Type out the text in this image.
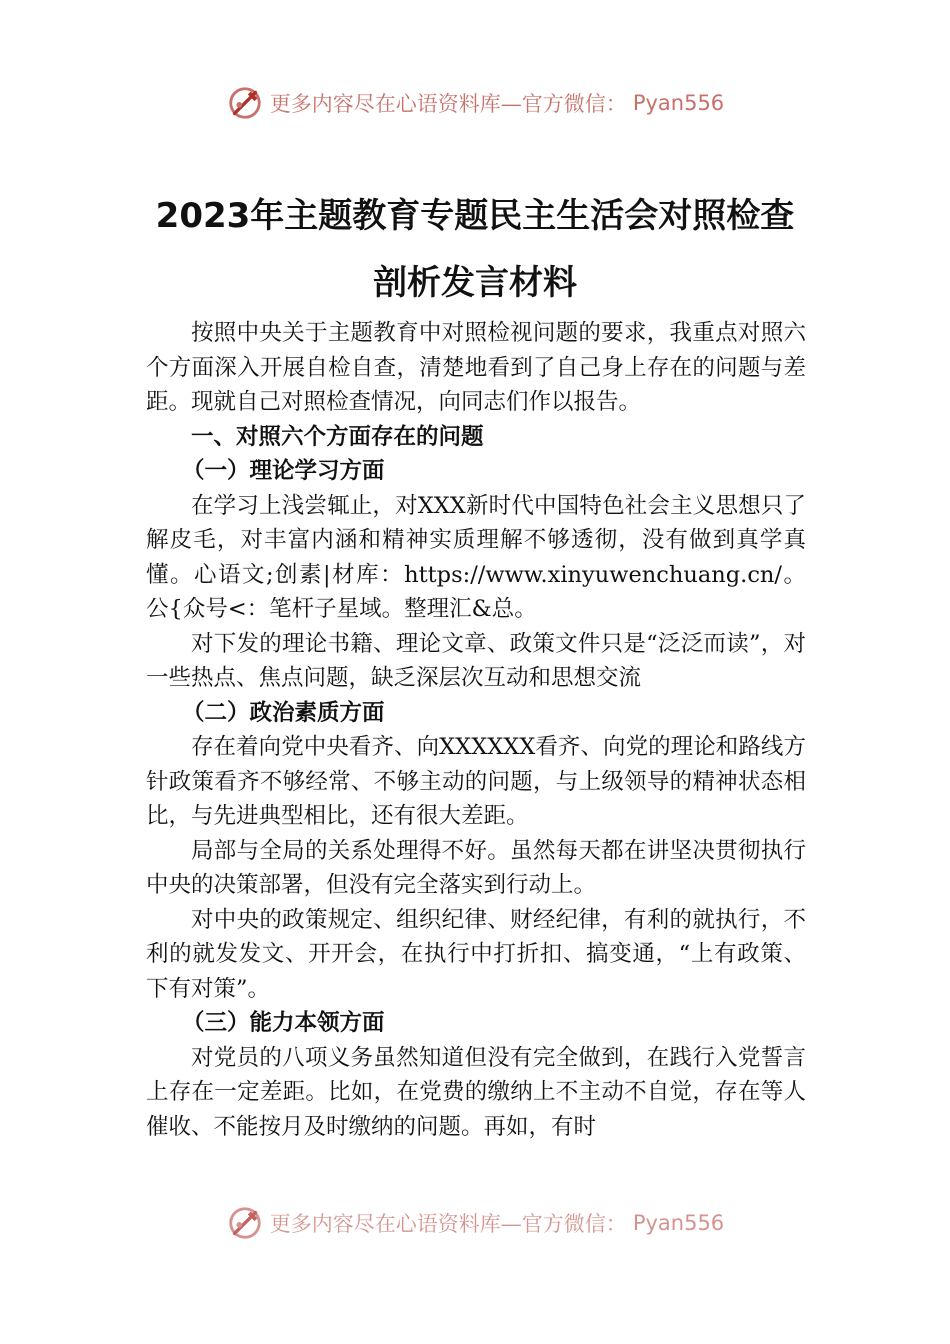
更多内容尽在心语资料库—官方微信： Pyan556
2023年主题教育专题民主生活会对照检查
剖析发言材料

按照中央关于主题教育中对照检视问题的要求，我重点对照六个方面深入开展自检自查，清楚地看到了自己身上存在的问题与差距。现就自己对照检查情况，向同志们作以报告。

一、对照六个方面存在的问题

（一）理论学习方面

在学习上浅尝辄止，对XXX新时代中国特色社会主义思想只了解皮毛，对丰富内涵和精神实质理解不够透彻，没有做到真学真懂。心语文;创素|材库：https://www.xinyuwenchuang.cn/。公{众号<：笔杆子星域。整理汇&总。

对下发的理论书籍、理论文章、政策文件只是“泛泛而读”，对一些热点、焦点问题，缺乏深层次互动和思想交流

（二）政治素质方面

存在着向党中央看齐、向XXXXXX看齐、向党的理论和路线方针政策看齐不够经常、不够主动的问题，与上级领导的精神状态相比，与先进典型相比，还有很大差距。

局部与全局的关系处理得不好。虽然每天都在讲坚决贯彻执行中央的决策部署，但没有完全落实到行动上。

对中央的政策规定、组织纪律、财经纪律，有利的就执行，不利的就发发文、开开会，在执行中打折扣、搞变通，“上有政策、下有对策”。

（三）能力本领方面

对党员的八项义务虽然知道但没有完全做到，在践行入党誓言上存在一定差距。比如，在党费的缴纳上不主动不自觉，存在等人催收、不能按月及时缴纳的问题。再如，有时

更多内容尽在心语资料库—官方微信： Pyan556
